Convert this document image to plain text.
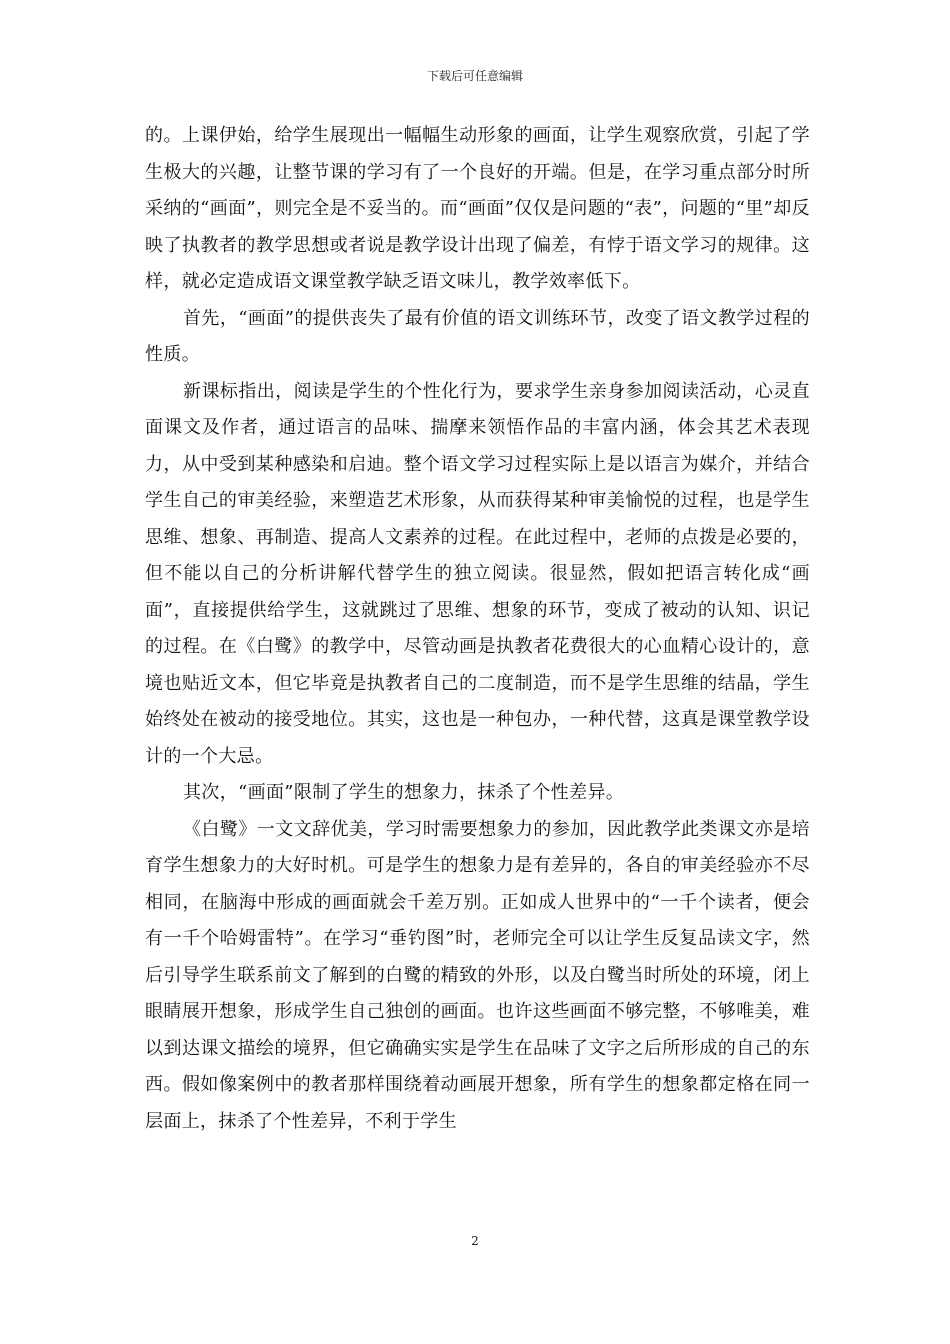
下载后可任意编辑

的。上课伊始，给学生展现出一幅幅生动形象的画面，让学生观察欣赏，引起了学生极大的兴趣，让整节课的学习有了一个良好的开端。但是，在学习重点部分时所采纳的“画面”，则完全是不妥当的。而“画面”仅仅是问题的“表”，问题的“里”却反映了执教者的教学思想或者说是教学设计出现了偏差，有悖于语文学习的规律。这样，就必定造成语文课堂教学缺乏语文味儿，教学效率低下。

首先，“画面”的提供丧失了最有价值的语文训练环节，改变了语文教学过程的性质。

新课标指出，阅读是学生的个性化行为，要求学生亲身参加阅读活动，心灵直面课文及作者，通过语言的品味、揣摩来领悟作品的丰富内涵，体会其艺术表现力，从中受到某种感染和启迪。整个语文学习过程实际上是以语言为媒介，并结合学生自己的审美经验，来塑造艺术形象，从而获得某种审美愉悦的过程，也是学生思维、想象、再制造、提高人文素养的过程。在此过程中，老师的点拨是必要的，但不能以自己的分析讲解代替学生的独立阅读。很显然，假如把语言转化成“画面”，直接提供给学生，这就跳过了思维、想象的环节，变成了被动的认知、识记的过程。在《白鹭》的教学中，尽管动画是执教者花费很大的心血精心设计的，意境也贴近文本，但它毕竟是执教者自己的二度制造，而不是学生思维的结晶，学生始终处在被动的接受地位。其实，这也是一种包办，一种代替，这真是课堂教学设计的一个大忌。

其次，“画面”限制了学生的想象力，抹杀了个性差异。

《白鹭》一文文辞优美，学习时需要想象力的参加，因此教学此类课文亦是培育学生想象力的大好时机。可是学生的想象力是有差异的，各自的审美经验亦不尽相同，在脑海中形成的画面就会千差万别。正如成人世界中的“一千个读者，便会有一千个哈姆雷特”。在学习“垂钓图”时，老师完全可以让学生反复品读文字，然后引导学生联系前文了解到的白鹭的精致的外形，以及白鹭当时所处的环境，闭上眼睛展开想象，形成学生自己独创的画面。也许这些画面不够完整，不够唯美，难以到达课文描绘的境界，但它确确实实是学生在品味了文字之后所形成的自己的东西。假如像案例中的教者那样围绕着动画展开想象，所有学生的想象都定格在同一层面上，抹杀了个性差异，不利于学生

2
